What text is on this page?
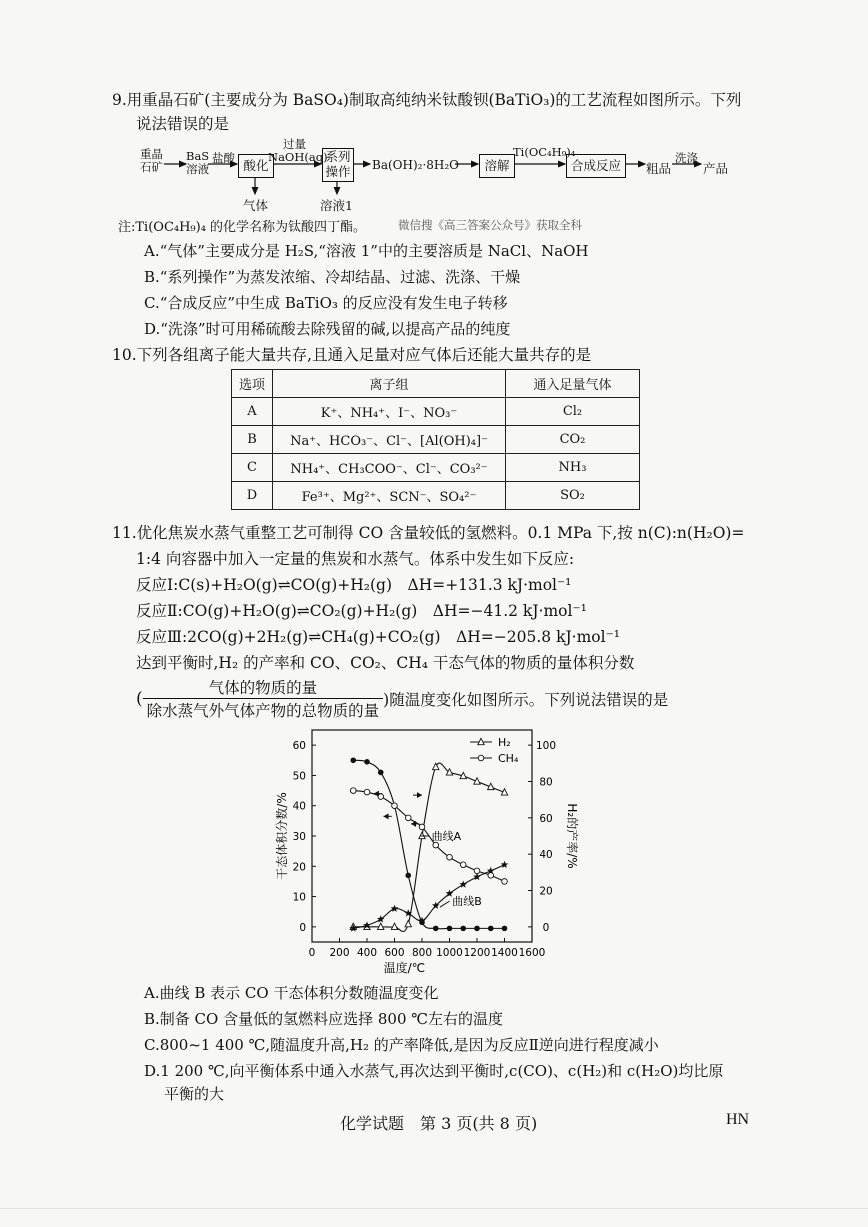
9.用重晶石矿(主要成分为 BaSO₄)制取高纯纳米钛酸钡(BaTiO₃)的工艺流程如图所示。下列
说法错误的是
重晶
石矿
BaS
溶液
盐酸 酸化
过量
NaOH(aq)
系列
操作 Ba(OH)₂·8H₂O	溶解
Ti(OC₄H₉)₄
合成反应	粗品
洗涤
产品
气体	溶液1
注:Ti(OC₄H₉)₄ 的化学名称为钛酸四丁酯。	微信搜《高三答案公众号》获取全科
A.“气体”主要成分是 H₂S,“溶液 1”中的主要溶质是 NaCl、NaOH
B.“系列操作”为蒸发浓缩、冷却结晶、过滤、洗涤、干燥
C.“合成反应”中生成 BaTiO₃ 的反应没有发生电子转移
D.“洗涤”时可用稀硫酸去除残留的碱,以提高产品的纯度
10.下列各组离子能大量共存,且通入足量对应气体后还能大量共存的是
选项	离子组	通入足量气体
A	K⁺、NH₄⁺、I⁻、NO₃⁻	Cl₂
B	Na⁺、HCO₃⁻、Cl⁻、[Al(OH)₄]⁻	CO₂
C	NH₄⁺、CH₃COO⁻、Cl⁻、CO₃²⁻	NH₃
D	Fe³⁺、Mg²⁺、SCN⁻、SO₄²⁻	SO₂
11.优化焦炭水蒸气重整工艺可制得 CO 含量较低的氢燃料。0.1 MPa 下,按 n(C):n(H₂O)=
1:4 向容器中加入一定量的焦炭和水蒸气。体系中发生如下反应:
反应Ⅰ:C(s)+H₂O(g)⇌CO(g)+H₂(g)　ΔH=+131.3 kJ·mol⁻¹
反应Ⅱ:CO(g)+H₂O(g)⇌CO₂(g)+H₂(g)　ΔH=−41.2 kJ·mol⁻¹
反应Ⅲ:2CO(g)+2H₂(g)⇌CH₄(g)+CO₂(g)　ΔH=−205.8 kJ·mol⁻¹
达到平衡时,H₂ 的产率和 CO、CO₂、CH₄ 干态气体的物质的量体积分数
(
气体的物质的量
除水蒸气外气体产物的总物质的量
)随温度变化如图所示。下列说法错误的是
0 200 400 600 800 1000 1200 1400 1600
0
10
20
30
40
50
60
0
20
40
60
80
100
温度/℃
干态体积分数/%	H₂的产率/%
H₂
CH₄
曲线A
曲线B
A.曲线 B 表示 CO 干态体积分数随温度变化
B.制备 CO 含量低的氢燃料应选择 800 ℃左右的温度
C.800~1 400 ℃,随温度升高,H₂ 的产率降低,是因为反应Ⅱ逆向进行程度减小
D.1 200 ℃,向平衡体系中通入水蒸气,再次达到平衡时,c(CO)、c(H₂)和 c(H₂O)均比原
平衡的大
化学试题　第 3 页(共 8 页)	HN
